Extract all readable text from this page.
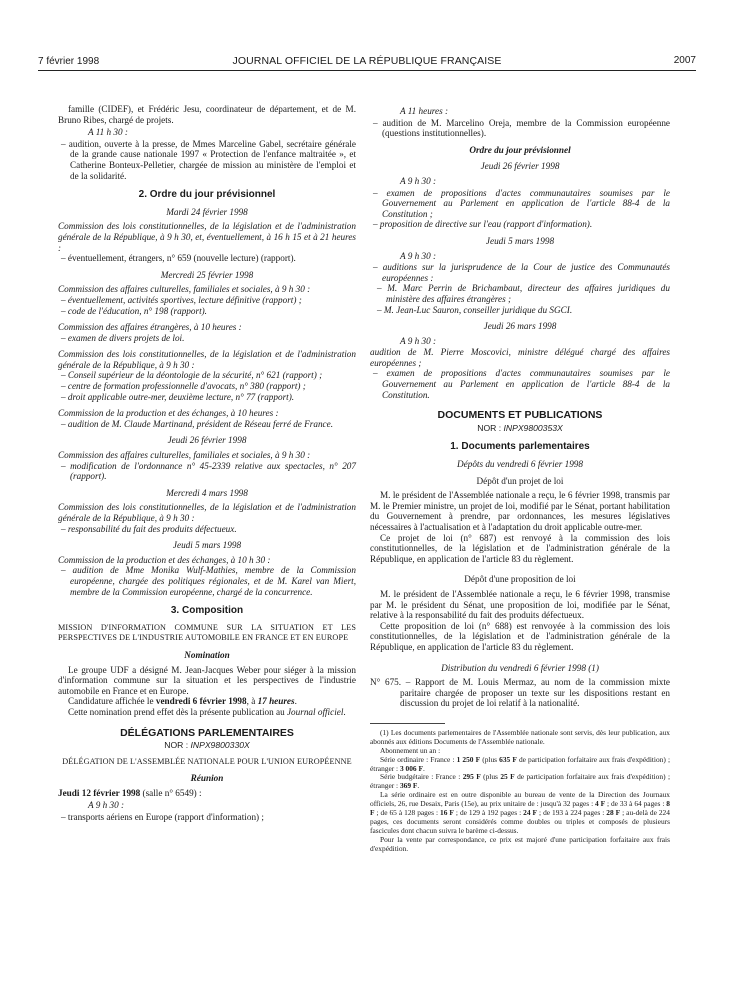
7 février 1998	JOURNAL OFFICIEL DE LA RÉPUBLIQUE FRANÇAISE	2007

famille (CIDEF), et Frédéric Jesu, coordinateur de département, et de M. Bruno Ribes, chargé de projets.

A 11 h 30 :

– audition, ouverte à la presse, de Mmes Marceline Gabel, secrétaire générale de la grande cause nationale 1997 « Protection de l'enfance maltraitée », et Catherine Bonteux-Pelletier, chargée de mission au ministère de l'emploi et de la solidarité.

2. Ordre du jour prévisionnel

Mardi 24 février 1998

Commission des lois constitutionnelles, de la législation et de l'administration générale de la République, à 9 h 30, et, éventuellement, à 16 h 15 et à 21 heures :

– éventuellement, étrangers, n° 659 (nouvelle lecture) (rapport).

Mercredi 25 février 1998

Commission des affaires culturelles, familiales et sociales, à 9 h 30 :

– éventuellement, activités sportives, lecture définitive (rapport) ;

– code de l'éducation, n° 198 (rapport).

Commission des affaires étrangères, à 10 heures :

– examen de divers projets de loi.

Commission des lois constitutionnelles, de la législation et de l'administration générale de la République, à 9 h 30 :

– Conseil supérieur de la déontologie de la sécurité, n° 621 (rapport) ;

– centre de formation professionnelle d'avocats, n° 380 (rapport) ;

– droit applicable outre-mer, deuxième lecture, n° 77 (rapport).

Commission de la production et des échanges, à 10 heures :

– audition de M. Claude Martinand, président de Réseau ferré de France.

Jeudi 26 février 1998

Commission des affaires culturelles, familiales et sociales, à 9 h 30 :

– modification de l'ordonnance n° 45-2339 relative aux spectacles, n° 207 (rapport).

Mercredi 4 mars 1998

Commission des lois constitutionnelles, de la législation et de l'administration générale de la République, à 9 h 30 :

– responsabilité du fait des produits défectueux.

Jeudi 5 mars 1998

Commission de la production et des échanges, à 10 h 30 :

– audition de Mme Monika Wulf-Mathies, membre de la Commission européenne, chargée des politiques régionales, et de M. Karel van Miert, membre de la Commission européenne, chargé de la concurrence.

3. Composition

MISSION D'INFORMATION COMMUNE SUR LA SITUATION ET LES PERSPECTIVES DE L'INDUSTRIE AUTOMOBILE EN FRANCE ET EN EUROPE

Nomination

Le groupe UDF a désigné M. Jean-Jacques Weber pour siéger à la mission d'information commune sur la situation et les perspectives de l'industrie automobile en France et en Europe.

Candidature affichée le vendredi 6 février 1998, à 17 heures.

Cette nomination prend effet dès la présente publication au Journal officiel.

DÉLÉGATIONS PARLEMENTAIRES

NOR : INPX9800330X

DÉLÉGATION DE L'ASSEMBLÉE NATIONALE POUR L'UNION EUROPÉENNE

Réunion

Jeudi 12 février 1998 (salle n° 6549) :

A 9 h 30 :

– transports aériens en Europe (rapport d'information) ;

A 11 heures :

– audition de M. Marcelino Oreja, membre de la Commission européenne (questions institutionnelles).

Ordre du jour prévisionnel

Jeudi 26 février 1998

A 9 h 30 :

– examen de propositions d'actes communautaires soumises par le Gouvernement au Parlement en application de l'article 88-4 de la Constitution ;

– proposition de directive sur l'eau (rapport d'information).

Jeudi 5 mars 1998

A 9 h 30 :

– auditions sur la jurisprudence de la Cour de justice des Communautés européennes :

– M. Marc Perrin de Brichambaut, directeur des affaires juridiques du ministère des affaires étrangères ;

– M. Jean-Luc Sauron, conseiller juridique du SGCI.

Jeudi 26 mars 1998

A 9 h 30 :

audition de M. Pierre Moscovici, ministre délégué chargé des affaires européennes ;

– examen de propositions d'actes communautaires soumises par le Gouvernement au Parlement en application de l'article 88-4 de la Constitution.

DOCUMENTS ET PUBLICATIONS

NOR : INPX9800353X

1. Documents parlementaires

Dépôts du vendredi 6 février 1998

Dépôt d'un projet de loi

M. le président de l'Assemblée nationale a reçu, le 6 février 1998, transmis par M. le Premier ministre, un projet de loi, modifié par le Sénat, portant habilitation du Gouvernement à prendre, par ordonnances, les mesures législatives nécessaires à l'actualisation et à l'adaptation du droit applicable outre-mer.

Ce projet de loi (n° 687) est renvoyé à la commission des lois constitutionnelles, de la législation et de l'administration générale de la République, en application de l'article 83 du règlement.

Dépôt d'une proposition de loi

M. le président de l'Assemblée nationale a reçu, le 6 février 1998, transmise par M. le président du Sénat, une proposition de loi, modifiée par le Sénat, relative à la responsabilité du fait des produits défectueux.

Cette proposition de loi (n° 688) est renvoyée à la commission des lois constitutionnelles, de la législation et de l'administration générale de la République, en application de l'article 83 du règlement.

Distribution du vendredi 6 février 1998 (1)

N° 675. – Rapport de M. Louis Mermaz, au nom de la commission mixte paritaire chargée de proposer un texte sur les dispositions restant en discussion du projet de loi relatif à la nationalité.

(1) Les documents parlementaires de l'Assemblée nationale sont servis, dès leur publication, aux abonnés aux éditions Documents de l'Assemblée nationale.

Abonnement un an :

Série ordinaire : France : 1 250 F (plus 635 F de participation forfaitaire aux frais d'expédition) ; étranger : 3 006 F.

Série budgétaire : France : 295 F (plus 25 F de participation forfaitaire aux frais d'expédition) ; étranger : 369 F.

La série ordinaire est en outre disponible au bureau de vente de la Direction des Journaux officiels, 26, rue Desaix, Paris (15e), au prix unitaire de : jusqu'à 32 pages : 4 F ; de 33 à 64 pages : 8 F ; de 65 à 128 pages : 16 F ; de 129 à 192 pages : 24 F ; de 193 à 224 pages : 28 F ; au-delà de 224 pages, ces documents seront considérés comme doubles ou triples et composés de plusieurs fascicules dont chacun suivra le barème ci-dessus.

Pour la vente par correspondance, ce prix est majoré d'une participation forfaitaire aux frais d'expédition.
